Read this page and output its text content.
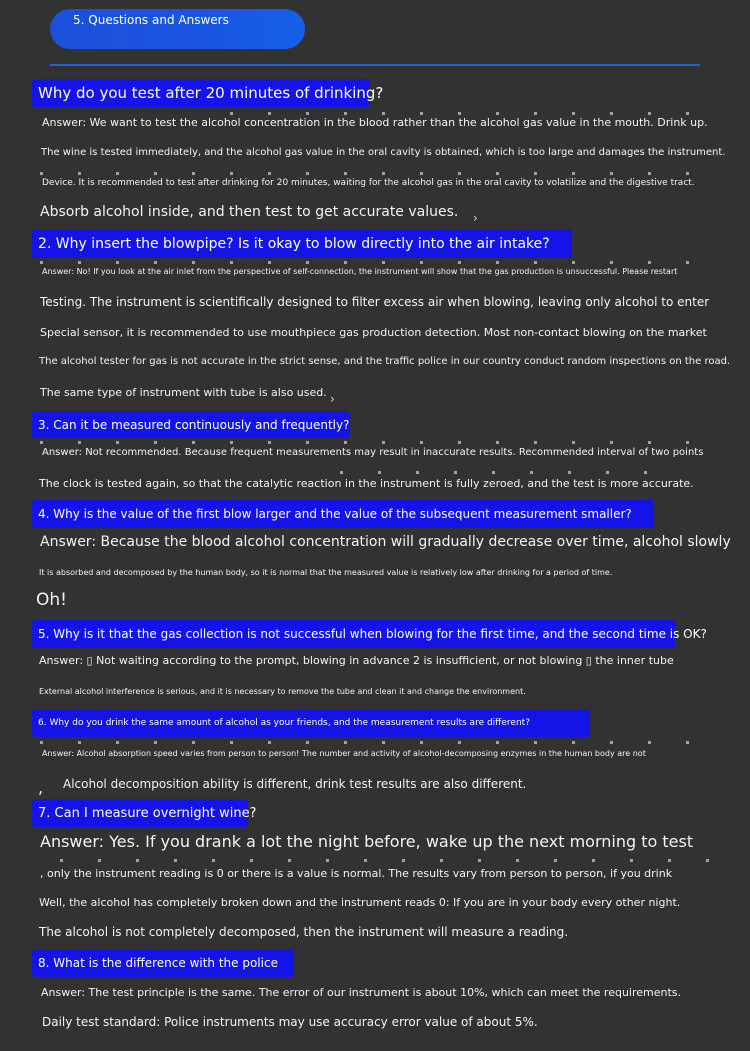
5. Questions and Answers
Why do you test after 20 minutes of drinking?
Answer: We want to test the alcohol concentration in the blood rather than the alcohol gas value in the mouth. Drink up.
The wine is tested immediately, and the alcohol gas value in the oral cavity is obtained, which is too large and damages the instrument.
Device. It is recommended to test after drinking for 20 minutes, waiting for the alcohol gas in the oral cavity to volatilize and the digestive tract.
Absorb alcohol inside, and then test to get accurate values. ›
2. Why insert the blowpipe? Is it okay to blow directly into the air intake?
Answer: No! If you look at the air inlet from the perspective of self-connection, the instrument will show that the gas production is unsuccessful. Please restart
Testing. The instrument is scientifically designed to filter excess air when blowing, leaving only alcohol to enter
Special sensor, it is recommended to use mouthpiece gas production detection. Most non-contact blowing on the market
The alcohol tester for gas is not accurate in the strict sense, and the traffic police in our country conduct random inspections on the road.
The same type of instrument with tube is also used. ›
3. Can it be measured continuously and frequently?
Answer: Not recommended. Because frequent measurements may result in inaccurate results. Recommended interval of two points
The clock is tested again, so that the catalytic reaction in the instrument is fully zeroed, and the test is more accurate.
4. Why is the value of the first blow larger and the value of the subsequent measurement smaller?
Answer: Because the blood alcohol concentration will gradually decrease over time, alcohol slowly
It is absorbed and decomposed by the human body, so it is normal that the measured value is relatively low after drinking for a period of time.
Oh!
5. Why is it that the gas collection is not successful when blowing for the first time, and the second time is OK?
Answer: ▯ Not waiting according to the prompt, blowing in advance 2 is insufficient, or not blowing ▯ the inner tube
External alcohol interference is serious, and it is necessary to remove the tube and clean it and change the environment.
6. Why do you drink the same amount of alcohol as your friends, and the measurement results are different?
Answer: Alcohol absorption speed varies from person to person! The number and activity of alcohol-decomposing enzymes in the human body are not
, Alcohol decomposition ability is different, drink test results are also different.
7. Can I measure overnight wine?
Answer: Yes. If you drank a lot the night before, wake up the next morning to test
, only the instrument reading is 0 or there is a value is normal. The results vary from person to person, if you drink
Well, the alcohol has completely broken down and the instrument reads 0: If you are in your body every other night.
The alcohol is not completely decomposed, then the instrument will measure a reading.
8. What is the difference with the police
Answer: The test principle is the same. The error of our instrument is about 10%, which can meet the requirements.
Daily test standard: Police instruments may use accuracy error value of about 5%.
